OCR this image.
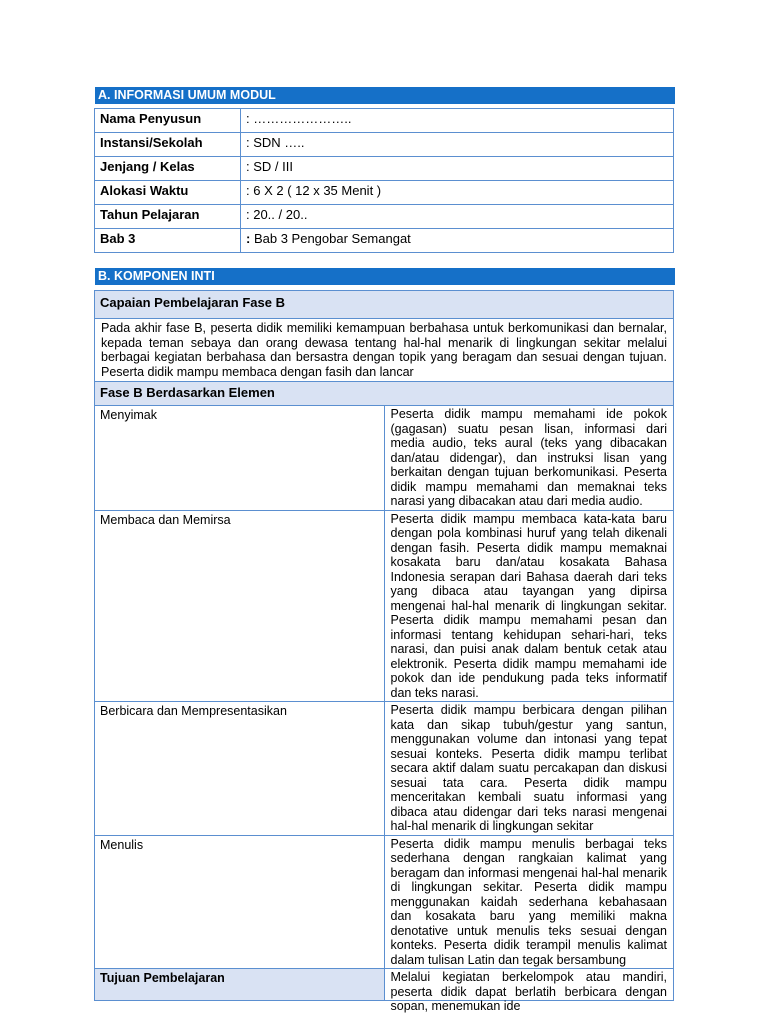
A. INFORMASI UMUM MODUL
Nama Penyusun	: …………………..
Instansi/Sekolah	: SDN …..
Jenjang / Kelas	: SD / III
Alokasi Waktu	: 6 X 2 ( 12 x 35 Menit )
Tahun Pelajaran	: 20.. / 20..
Bab 3	: Bab 3 Pengobar Semangat
B. KOMPONEN INTI
Capaian Pembelajaran Fase B	
Pada akhir fase B, peserta didik memiliki kemampuan berbahasa untuk berkomunikasi dan bernalar, kepada teman sebaya dan orang dewasa tentang hal-hal menarik di lingkungan sekitar melalui berbagai kegiatan berbahasa dan bersastra dengan topik yang beragam dan sesuai dengan tujuan. Peserta didik mampu membaca dengan fasih dan lancar	
Fase B Berdasarkan Elemen	
Menyimak	Peserta didik mampu memahami ide pokok (gagasan) suatu pesan lisan, informasi dari media audio, teks aural (teks yang dibacakan dan/atau didengar), dan instruksi lisan yang berkaitan dengan tujuan berkomunikasi. Peserta didik mampu memahami dan memaknai teks narasi yang dibacakan atau dari media audio.
Membaca dan Memirsa	Peserta didik mampu membaca kata-kata baru dengan pola kombinasi huruf yang telah dikenali dengan fasih. Peserta didik mampu memaknai kosakata baru dan/atau kosakata Bahasa Indonesia serapan dari Bahasa daerah dari teks yang dibaca atau tayangan yang dipirsa mengenai hal-hal menarik di lingkungan sekitar. Peserta didik mampu memahami pesan dan informasi tentang kehidupan sehari-hari, teks narasi, dan puisi anak dalam bentuk cetak atau elektronik. Peserta didik mampu memahami ide pokok dan ide pendukung pada teks informatif dan teks narasi.
Berbicara dan Mempresentasikan	Peserta didik mampu berbicara dengan pilihan kata dan sikap tubuh/gestur yang santun, menggunakan volume dan intonasi yang tepat sesuai konteks. Peserta didik mampu terlibat secara aktif dalam suatu percakapan dan diskusi sesuai tata cara. Peserta didik mampu menceritakan kembali suatu informasi yang dibaca atau didengar dari teks narasi mengenai hal-hal menarik di lingkungan sekitar
Menulis	Peserta didik mampu menulis berbagai teks sederhana dengan rangkaian kalimat yang beragam dan informasi mengenai hal-hal menarik di lingkungan sekitar. Peserta didik mampu menggunakan kaidah sederhana kebahasaan dan kosakata baru yang memiliki makna denotative untuk menulis teks sesuai dengan konteks. Peserta didik terampil menulis kalimat dalam tulisan Latin dan tegak bersambung
Tujuan Pembelajaran	Melalui kegiatan berkelompok atau mandiri, peserta didik dapat berlatih berbicara dengan sopan, menemukan ide
